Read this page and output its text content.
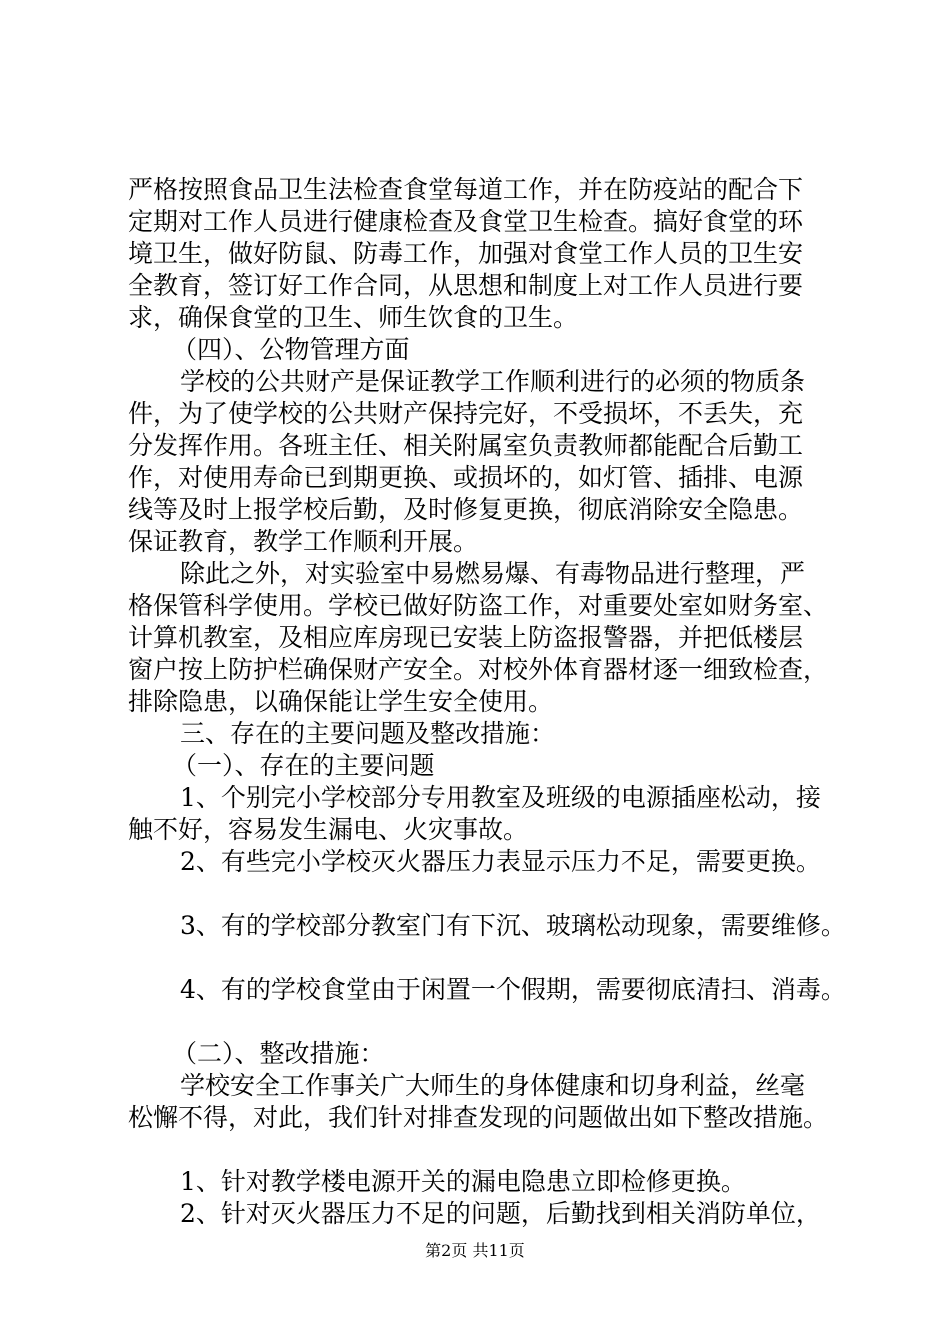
严格按照食品卫生法检查食堂每道工作，并在防疫站的配合下
定期对工作人员进行健康检查及食堂卫生检查。搞好食堂的环
境卫生，做好防鼠、防毒工作，加强对食堂工作人员的卫生安
全教育，签订好工作合同，从思想和制度上对工作人员进行要
求，确保食堂的卫生、师生饮食的卫生。
（四）、公物管理方面
学校的公共财产是保证教学工作顺利进行的必须的物质条
件，为了使学校的公共财产保持完好，不受损坏，不丢失，充
分发挥作用。各班主任、相关附属室负责教师都能配合后勤工
作，对使用寿命已到期更换、或损坏的，如灯管、插排、电源
线等及时上报学校后勤，及时修复更换，彻底消除安全隐患。
保证教育，教学工作顺利开展。
除此之外，对实验室中易燃易爆、有毒物品进行整理，严
格保管科学使用。学校已做好防盗工作，对重要处室如财务室、
计算机教室，及相应库房现已安装上防盗报警器，并把低楼层
窗户按上防护栏确保财产安全。对校外体育器材逐一细致检查，
排除隐患，以确保能让学生安全使用。
三、存在的主要问题及整改措施：
（一）、存在的主要问题
1、个别完小学校部分专用教室及班级的电源插座松动，接
触不好，容易发生漏电、火灾事故。
2、有些完小学校灭火器压力表显示压力不足，需要更换。
3、有的学校部分教室门有下沉、玻璃松动现象，需要维修。
4、有的学校食堂由于闲置一个假期，需要彻底清扫、消毒。
（二）、整改措施：
学校安全工作事关广大师生的身体健康和切身利益，丝毫
松懈不得，对此，我们针对排查发现的问题做出如下整改措施。
1、针对教学楼电源开关的漏电隐患立即检修更换。
2、针对灭火器压力不足的问题，后勤找到相关消防单位，
第2页 共11页
